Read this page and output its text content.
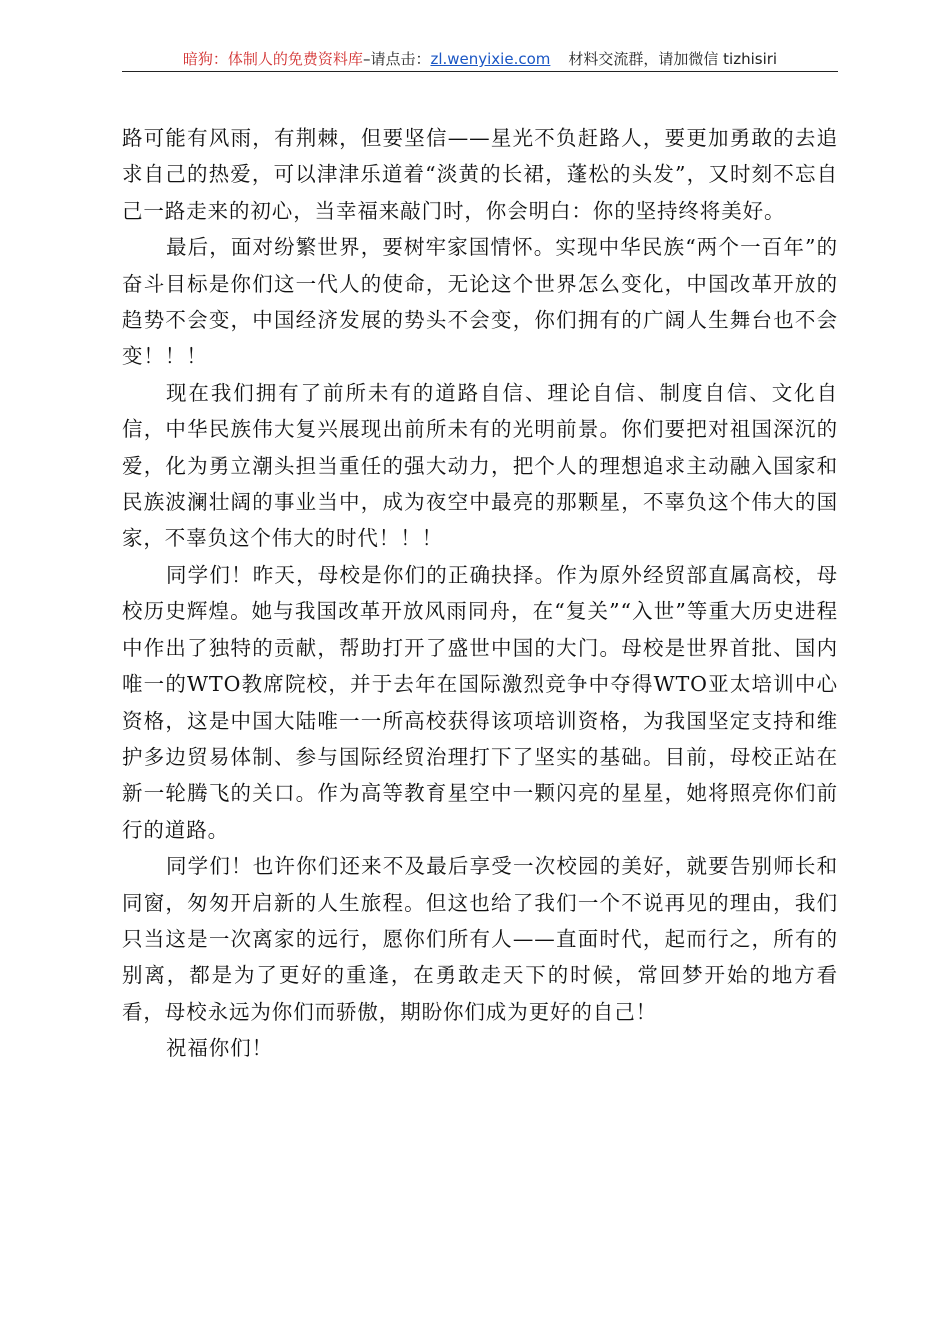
暗狗：体制人的免费资料库–请点击：zl.wenyixie.com 材料交流群，请加微信 tizhisiri

路可能有风雨，有荆棘，但要坚信——星光不负赶路人，要更加勇敢的去追求自己的热爱，可以津津乐道着“淡黄的长裙，蓬松的头发”，又时刻不忘自己一路走来的初心，当幸福来敲门时，你会明白：你的坚持终将美好。

最后，面对纷繁世界，要树牢家国情怀。实现中华民族“两个一百年”的奋斗目标是你们这一代人的使命，无论这个世界怎么变化，中国改革开放的趋势不会变，中国经济发展的势头不会变，你们拥有的广阔人生舞台也不会变！！！

现在我们拥有了前所未有的道路自信、理论自信、制度自信、文化自信，中华民族伟大复兴展现出前所未有的光明前景。你们要把对祖国深沉的爱，化为勇立潮头担当重任的强大动力，把个人的理想追求主动融入国家和民族波澜壮阔的事业当中，成为夜空中最亮的那颗星，不辜负这个伟大的国家，不辜负这个伟大的时代！！！

同学们！昨天，母校是你们的正确抉择。作为原外经贸部直属高校，母校历史辉煌。她与我国改革开放风雨同舟，在“复关”“入世”等重大历史进程中作出了独特的贡献，帮助打开了盛世中国的大门。母校是世界首批、国内唯一的WTO教席院校，并于去年在国际激烈竞争中夺得WTO亚太培训中心资格，这是中国大陆唯一一所高校获得该项培训资格，为我国坚定支持和维护多边贸易体制、参与国际经贸治理打下了坚实的基础。目前，母校正站在新一轮腾飞的关口。作为高等教育星空中一颗闪亮的星星，她将照亮你们前行的道路。

同学们！也许你们还来不及最后享受一次校园的美好，就要告别师长和同窗，匆匆开启新的人生旅程。但这也给了我们一个不说再见的理由，我们只当这是一次离家的远行，愿你们所有人——直面时代，起而行之，所有的别离，都是为了更好的重逢，在勇敢走天下的时候，常回梦开始的地方看看，母校永远为你们而骄傲，期盼你们成为更好的自己！

祝福你们！
